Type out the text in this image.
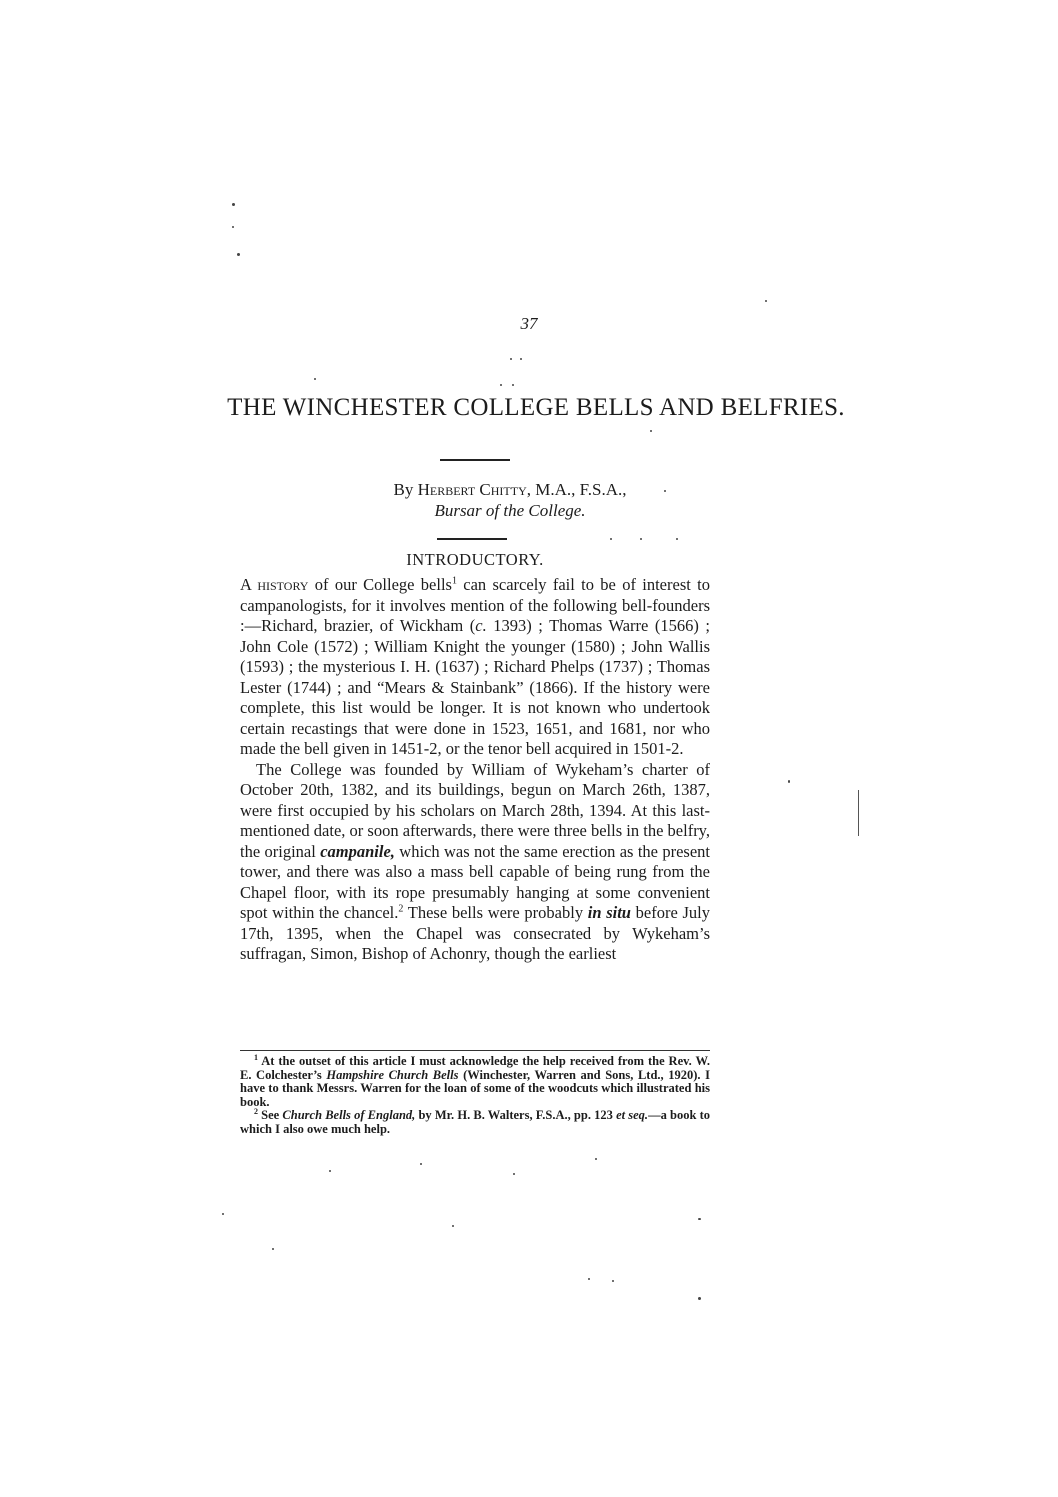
37
THE WINCHESTER COLLEGE BELLS AND BELFRIES.
By Herbert Chitty, M.A., F.S.A.,
Bursar of the College.
INTRODUCTORY.

A history of our College bells$^1$ can scarcely fail to be of interest to campanologists, for it involves mention of the following bell-founders :—Richard, brazier, of Wickham (c. 1393) ; Thomas Warre (1566) ; John Cole (1572) ; William Knight the younger (1580) ; John Wallis (1593) ; the mysterious I. H. (1637) ; Richard Phelps (1737) ; Thomas Lester (1744) ; and “Mears & Stainbank” (1866). If the history were complete, this list would be longer. It is not known who undertook certain recastings that were done in 1523, 1651, and 1681, nor who made the bell given in 1451-2, or the tenor bell acquired in 1501-2.

The College was founded by William of Wykeham’s charter of October 20th, 1382, and its buildings, begun on March 26th, 1387, were first occupied by his scholars on March 28th, 1394. At this last-mentioned date, or soon afterwards, there were three bells in the belfry, the original campanile, which was not the same erection as the present tower, and there was also a mass bell capable of being rung from the Chapel floor, with its rope presumably hanging at some convenient spot within the chancel.$^2$ These bells were probably in situ before July 17th, 1395, when the Chapel was consecrated by Wykeham’s suffragan, Simon, Bishop of Achonry, though the earliest

$^1$ At the outset of this article I must acknowledge the help received from the Rev. W. E. Colchester’s Hampshire Church Bells (Winchester, Warren and Sons, Ltd., 1920). I have to thank Messrs. Warren for the loan of some of the woodcuts which illustrated his book.

$^2$ See Church Bells of England, by Mr. H. B. Walters, F.S.A., pp. 123 et seq.—a book to which I also owe much help.
